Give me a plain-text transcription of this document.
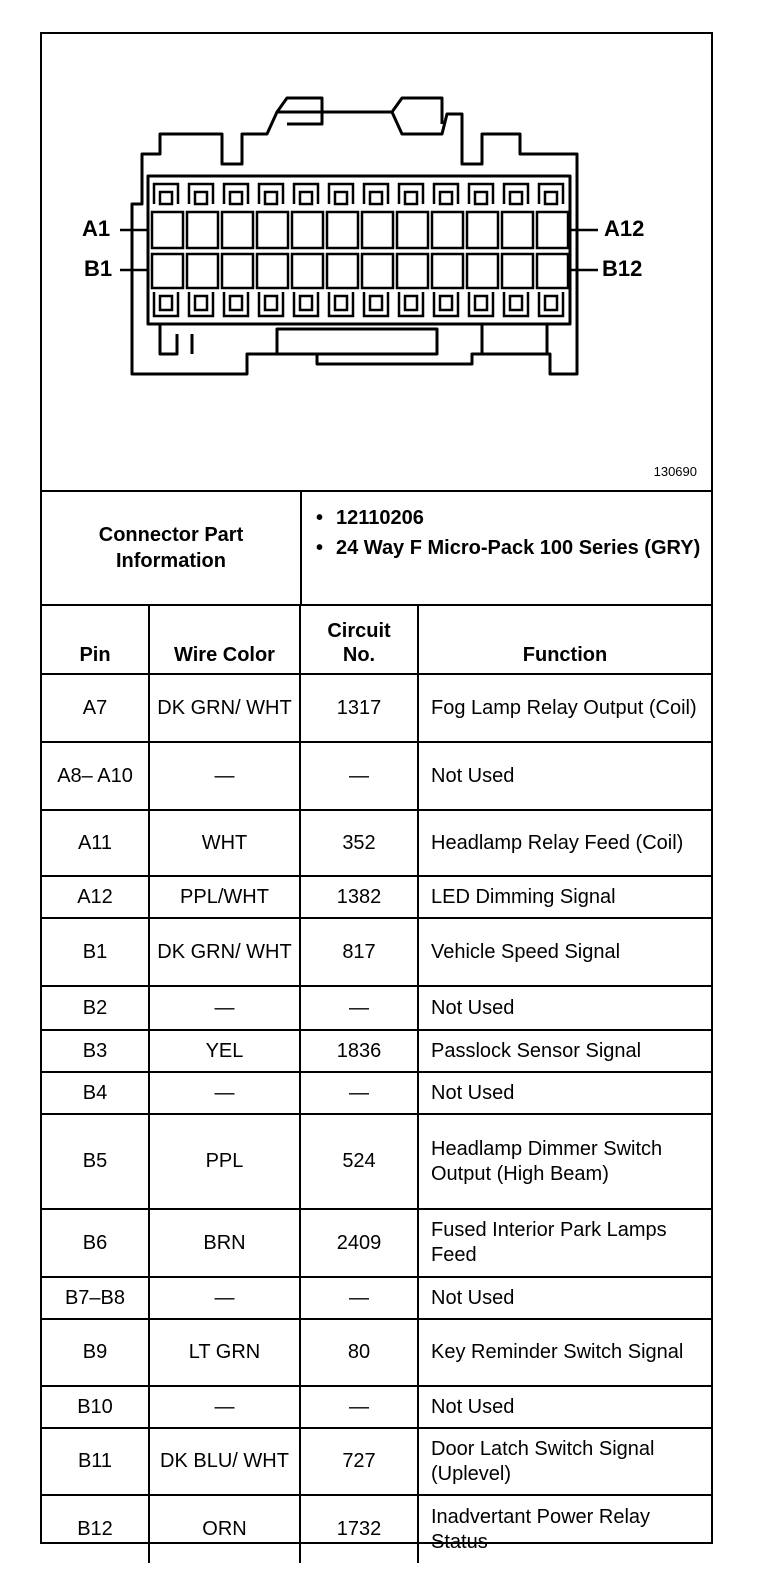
A1
B1
A12
B12
130690
Connector Part Information
• 12110206
• 24 Way F Micro-Pack 100 Series (GRY)
Pin	Wire Color	Circuit No.	Function
A7	DK GRN/ WHT	1317	Fog Lamp Relay Output (Coil)
A8– A10	—	—	Not Used
A11	WHT	352	Headlamp Relay Feed (Coil)
A12	PPL/WHT	1382	LED Dimming Signal
B1	DK GRN/ WHT	817	Vehicle Speed Signal
B2	—	—	Not Used
B3	YEL	1836	Passlock Sensor Signal
B4	—	—	Not Used
B5	PPL	524	Headlamp Dimmer Switch Output (High Beam)
B6	BRN	2409	Fused Interior Park Lamps Feed
B7–B8	—	—	Not Used
B9	LT GRN	80	Key Reminder Switch Signal
B10	—	—	Not Used
B11	DK BLU/ WHT	727	Door Latch Switch Signal (Uplevel)
B12	ORN	1732	Inadvertant Power Relay Status
